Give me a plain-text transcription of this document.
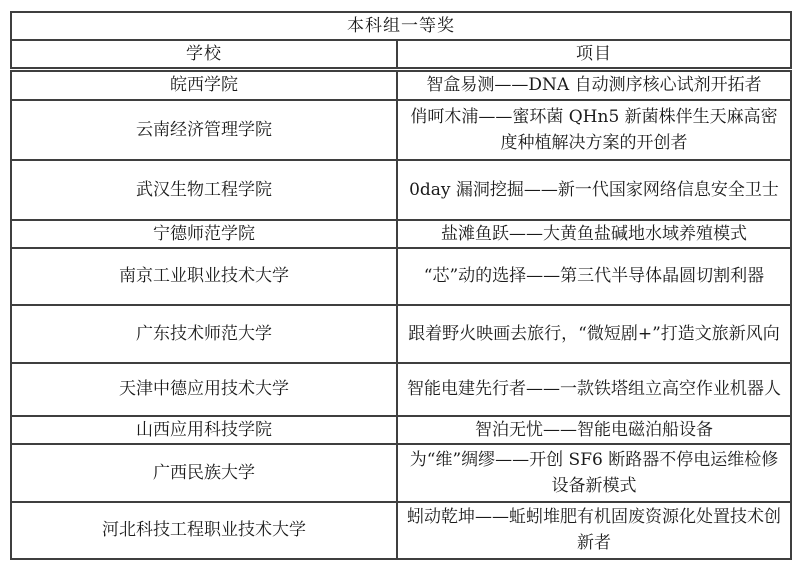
本科组一等奖	
学校	项目
皖西学院	智盒易测——DNA 自动测序核心试剂开拓者
云南经济管理学院	俏呵木浦——蜜环菌 QHn5 新菌株伴生天麻高密度种植解决方案的开创者
武汉生物工程学院	0day 漏洞挖掘——新一代国家网络信息安全卫士
宁德师范学院	盐滩鱼跃——大黄鱼盐碱地水域养殖模式
南京工业职业技术大学	“芯”动的选择——第三代半导体晶圆切割利器
广东技术师范大学	跟着野火映画去旅行，“微短剧+”打造文旅新风向
天津中德应用技术大学	智能电建先行者——一款铁塔组立高空作业机器人
山西应用科技学院	智泊无忧——智能电磁泊船设备
广西民族大学	为“维”绸缪——开创 SF6 断路器不停电运维检修设备新模式
河北科技工程职业技术大学	蚓动乾坤——蚯蚓堆肥有机固废资源化处置技术创新者
